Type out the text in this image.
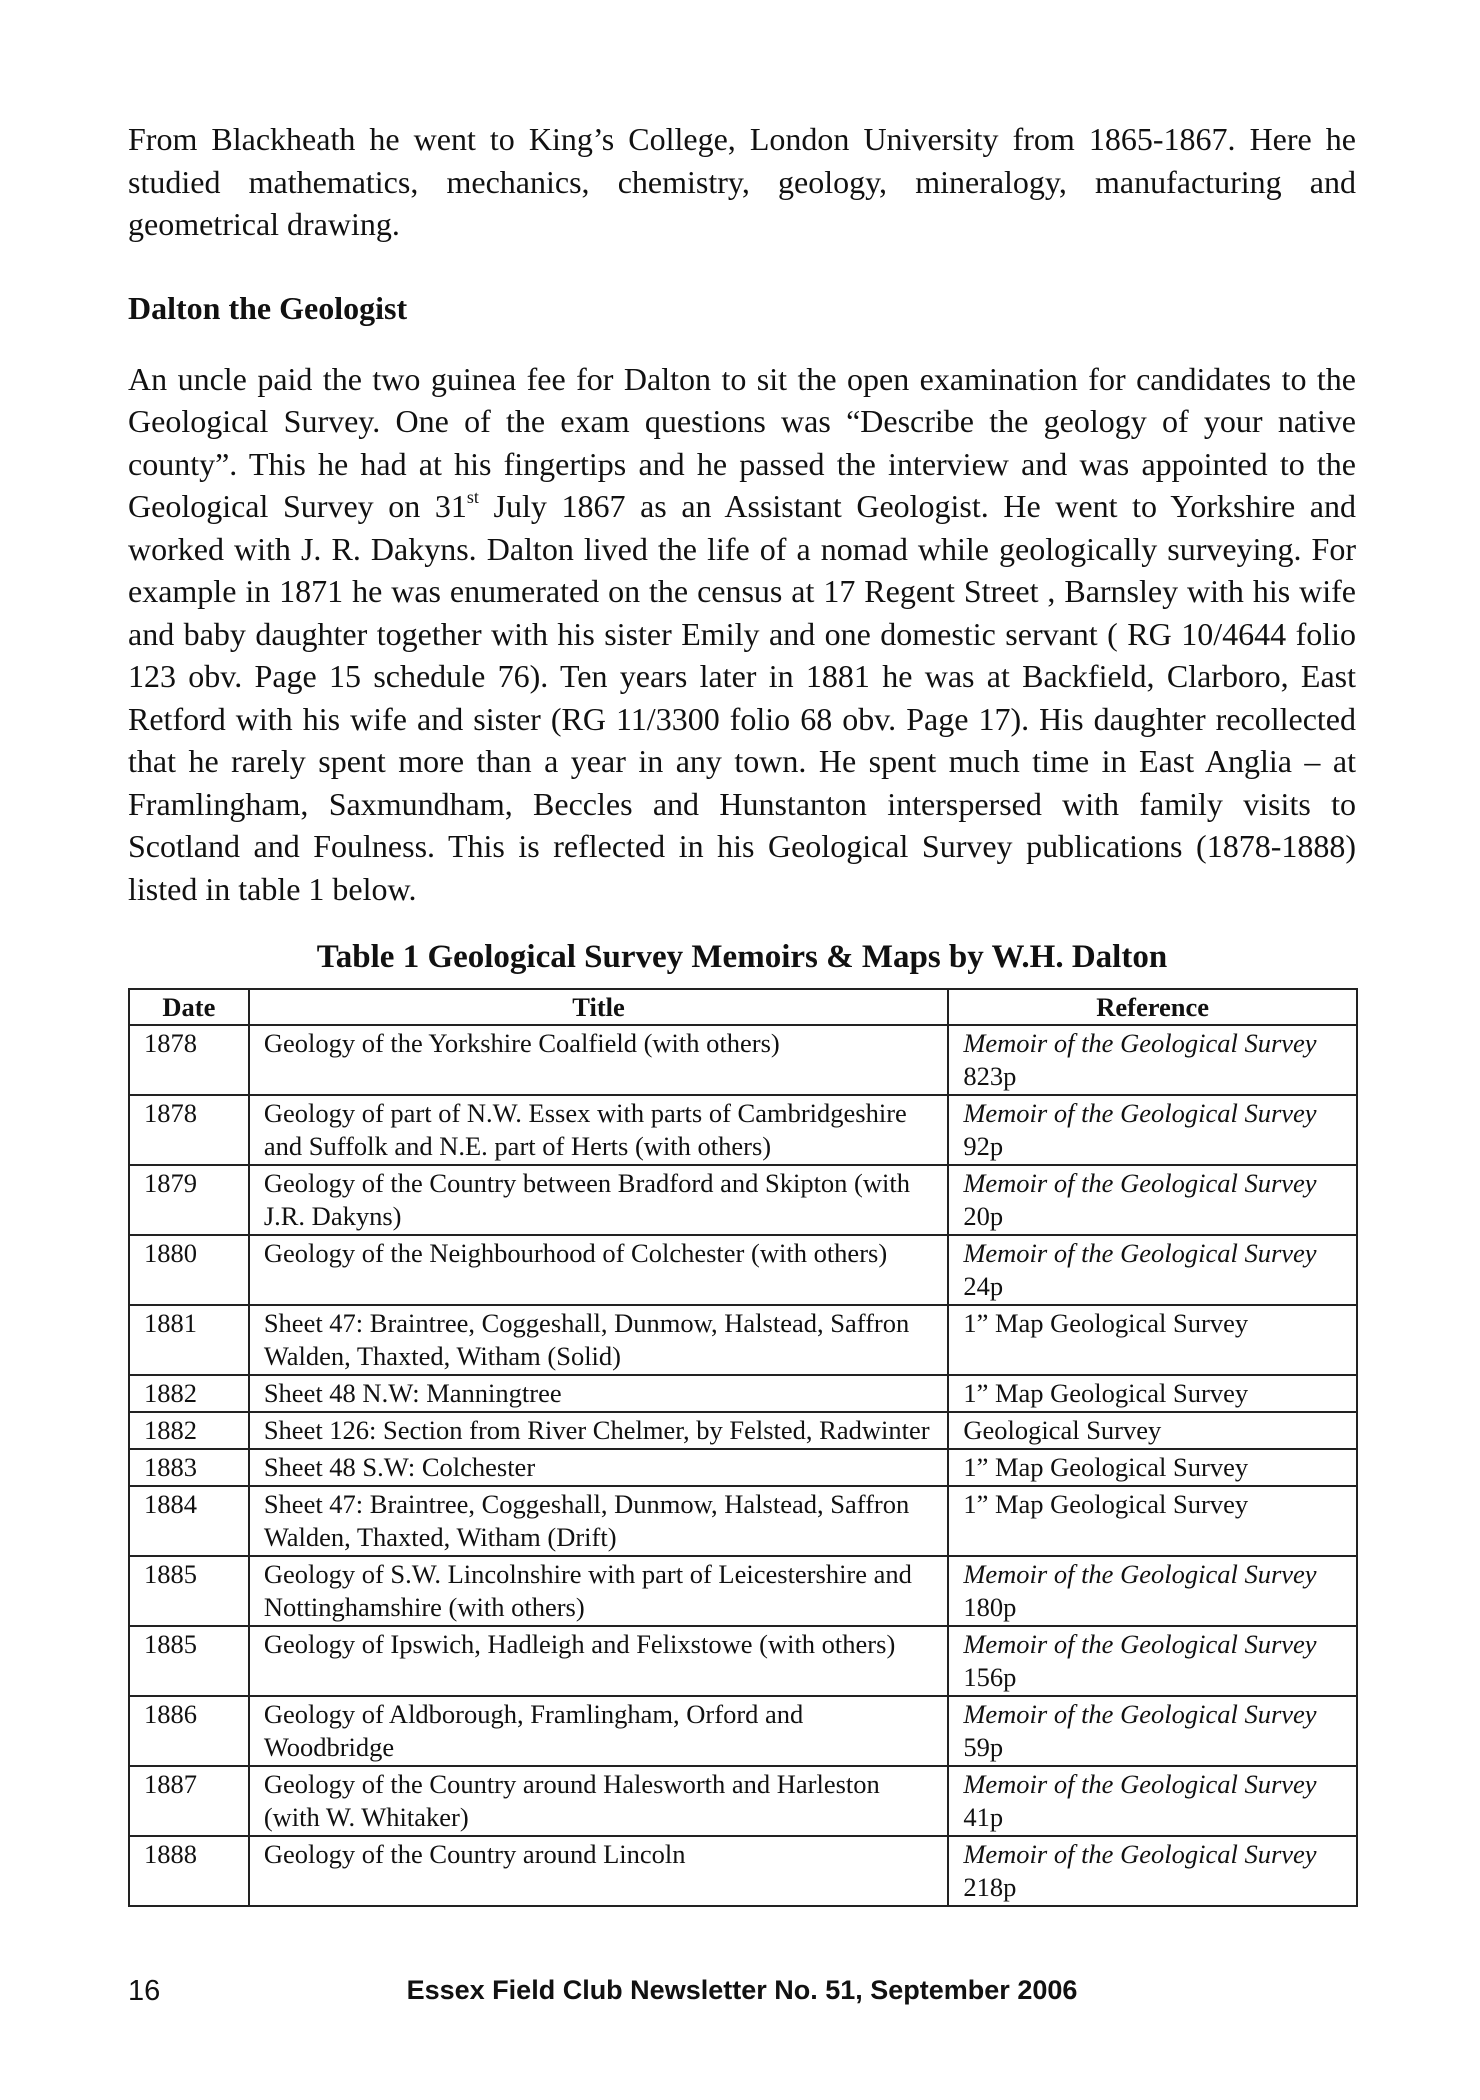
From Blackheath he went to King’s College, London University from 1865-1867. Here he studied mathematics, mechanics, chemistry, geology, mineralogy, manufacturing and geometrical drawing.

Dalton the Geologist

An uncle paid the two guinea fee for Dalton to sit the open examination for candidates to the Geological Survey. One of the exam questions was “Describe the geology of your native county”. This he had at his fingertips and he passed the interview and was appointed to the Geological Survey on 31st July 1867 as an Assistant Geologist. He went to Yorkshire and worked with J. R. Dakyns. Dalton lived the life of a nomad while geologically surveying. For example in 1871 he was enumerated on the census at 17 Regent Street , Barnsley with his wife and baby daughter together with his sister Emily and one domestic servant ( RG 10/4644 folio 123 obv. Page 15 schedule 76). Ten years later in 1881 he was at Backfield, Clarboro, East Retford with his wife and sister (RG 11/3300 folio 68 obv. Page 17). His daughter recollected that he rarely spent more than a year in any town. He spent much time in East Anglia – at Framlingham, Saxmundham, Beccles and Hunstanton interspersed with family visits to Scotland and Foulness. This is reflected in his Geological Survey publications (1878-1888) listed in table 1 below.

Table 1 Geological Survey Memoirs & Maps by W.H. Dalton
Date	Title	Reference
1878	Geology of the Yorkshire Coalfield (with others)	Memoir of the Geological Survey 823p
1878	Geology of part of N.W. Essex with parts of Cambridgeshire and Suffolk and N.E. part of Herts (with others)	Memoir of the Geological Survey 92p
1879	Geology of the Country between Bradford and Skipton (with J.R. Dakyns)	Memoir of the Geological Survey 20p
1880	Geology of the Neighbourhood of Colchester (with others)	Memoir of the Geological Survey 24p
1881	Sheet 47: Braintree, Coggeshall, Dunmow, Halstead, Saffron Walden, Thaxted, Witham (Solid)	1” Map Geological Survey
1882	Sheet 48 N.W: Manningtree	1” Map Geological Survey
1882	Sheet 126: Section from River Chelmer, by Felsted, Radwinter	Geological Survey
1883	Sheet 48 S.W: Colchester	1” Map Geological Survey
1884	Sheet 47: Braintree, Coggeshall, Dunmow, Halstead, Saffron Walden, Thaxted, Witham (Drift)	1” Map Geological Survey
1885	Geology of S.W. Lincolnshire with part of Leicestershire and Nottinghamshire (with others)	Memoir of the Geological Survey 180p
1885	Geology of Ipswich, Hadleigh and Felixstowe (with others)	Memoir of the Geological Survey 156p
1886	Geology of Aldborough, Framlingham, Orford and Woodbridge	Memoir of the Geological Survey 59p
1887	Geology of the Country around Halesworth and Harleston (with W. Whitaker)	Memoir of the Geological Survey 41p
1888	Geology of the Country around Lincoln	Memoir of the Geological Survey 218p
16	Essex Field Club Newsletter No. 51, September 2006
